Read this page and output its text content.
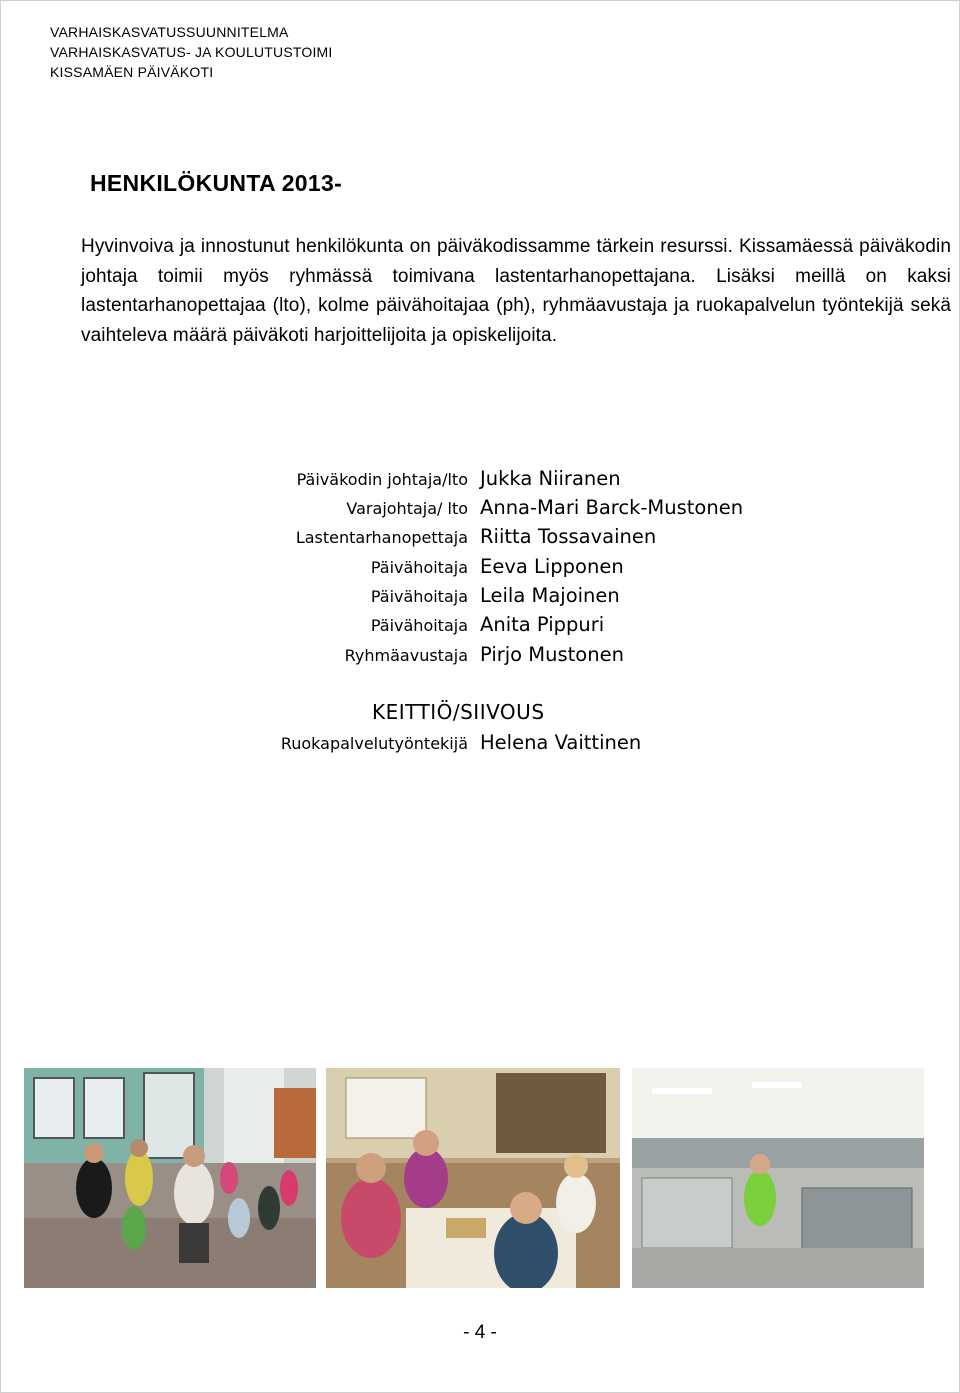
VARHAISKASVATUSSUUNNITELMA
VARHAISKASVATUS- JA KOULUTUSTOIMI
KISSAMÄEN PÄIVÄKOTI
HENKILÖKUNTA 2013-
Hyvinvoiva ja innostunut henkilökunta on päiväkodissamme tärkein resurssi. Kissamäessä päiväkodin johtaja toimii myös ryhmässä toimivana lastentarhanopettajana. Lisäksi meillä on kaksi lastentarhanopettajaa (lto), kolme päivähoitajaa (ph), ryhmäavustaja ja ruokapalvelun työntekijä sekä vaihteleva määrä päiväkoti harjoittelijoita ja opiskelijoita.
Päiväkodin johtaja/lto Jukka Niiranen
Varajohtaja/ lto Anna-Mari Barck-Mustonen
Lastentarhanopettaja Riitta Tossavainen
Päivähoitaja Eeva Lipponen
Päivähoitaja Leila Majoinen
Päivähoitaja Anita Pippuri
Ryhmäavustaja Pirjo Mustonen
KEITTIÖ/SIIVOUS
Ruokapalvelutyöntekijä Helena Vaittinen
- 4 -
